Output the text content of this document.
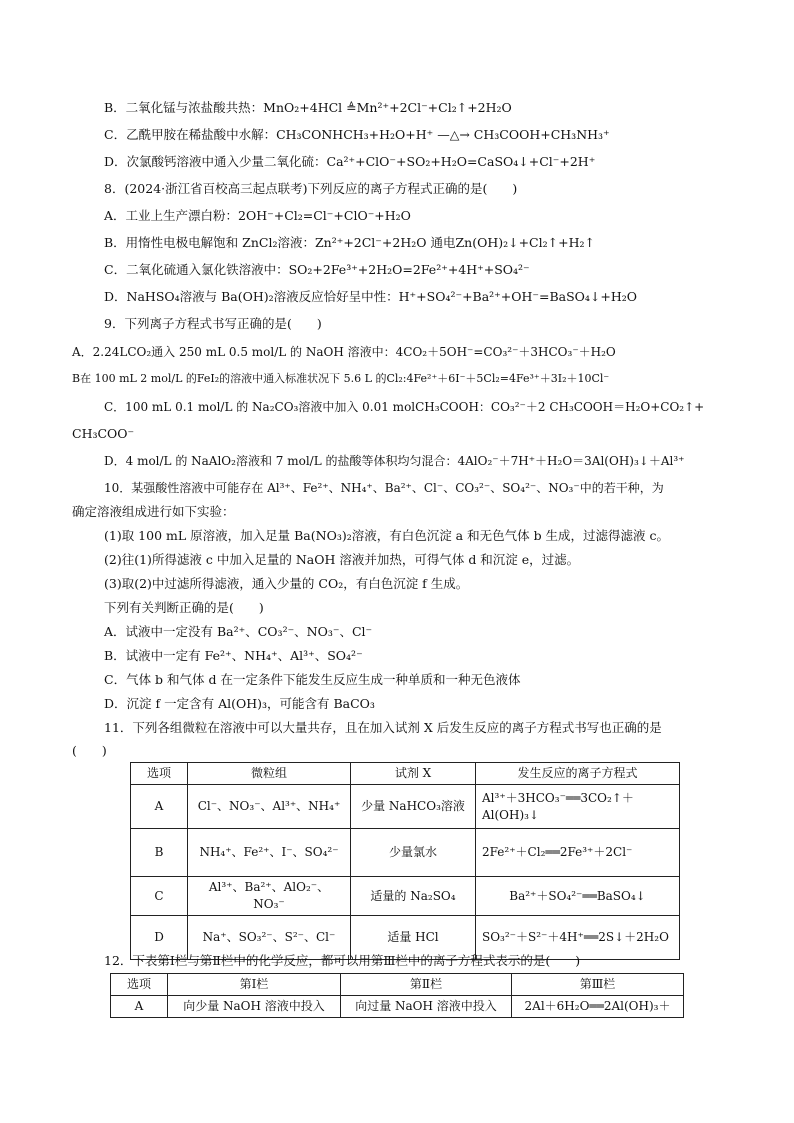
B．二氧化锰与浓盐酸共热：MnO₂+4HCl ≜Mn²⁺+2Cl⁻+Cl₂↑+2H₂O
C．乙酰甲胺在稀盐酸中水解：CH₃CONHCH₃+H₂O+H⁺ —△→ CH₃COOH+CH₃NH₃⁺
D．次氯酸钙溶液中通入少量二氧化硫：Ca²⁺+ClO⁻+SO₂+H₂O=CaSO₄↓+Cl⁻+2H⁺
8．(2024·浙江省百校高三起点联考)下列反应的离子方程式正确的是(　　)
A．工业上生产漂白粉：2OH⁻+Cl₂=Cl⁻+ClO⁻+H₂O
B．用惰性电极电解饱和 ZnCl₂溶液：Zn²⁺+2Cl⁻+2H₂O 通电Zn(OH)₂↓+Cl₂↑+H₂↑
C．二氧化硫通入氯化铁溶液中：SO₂+2Fe³⁺+2H₂O=2Fe²⁺+4H⁺+SO₄²⁻
D．NaHSO₄溶液与 Ba(OH)₂溶液反应恰好呈中性：H⁺+SO₄²⁻+Ba²⁺+OH⁻=BaSO₄↓+H₂O
9．下列离子方程式书写正确的是(　　)
A．2.24LCO₂通入 250 mL 0.5 mol/L 的 NaOH 溶液中：4CO₂＋5OH⁻=CO₃²⁻＋3HCO₃⁻＋H₂O
B在 100 mL 2 mol/L 的FeI₂的溶液中通入标准状况下 5.6 L 的Cl₂:4Fe²⁺＋6I⁻＋5Cl₂=4Fe³⁺＋3I₂＋10Cl⁻
C．100 mL 0.1 mol/L 的 Na₂CO₃溶液中加入 0.01 molCH₃COOH：CO₃²⁻＋2 CH₃COOH＝H₂O+CO₂↑+
CH₃COO⁻
D．4 mol/L 的 NaAlO₂溶液和 7 mol/L 的盐酸等体积均匀混合：4AlO₂⁻＋7H⁺＋H₂O＝3Al(OH)₃↓＋Al³⁺
10．某强酸性溶液中可能存在 Al³⁺、Fe²⁺、NH₄⁺、Ba²⁺、Cl⁻、CO₃²⁻、SO₄²⁻、NO₃⁻中的若干种，为
确定溶液组成进行如下实验：
(1)取 100 mL 原溶液，加入足量 Ba(NO₃)₂溶液，有白色沉淀 a 和无色气体 b 生成，过滤得滤液 c。
(2)往(1)所得滤液 c 中加入足量的 NaOH 溶液并加热，可得气体 d 和沉淀 e，过滤。
(3)取(2)中过滤所得滤液，通入少量的 CO₂，有白色沉淀 f 生成。
下列有关判断正确的是(　　)
A．试液中一定没有 Ba²⁺、CO₃²⁻、NO₃⁻、Cl⁻
B．试液中一定有 Fe²⁺、NH₄⁺、Al³⁺、SO₄²⁻
C．气体 b 和气体 d 在一定条件下能发生反应生成一种单质和一种无色液体
D．沉淀 f 一定含有 Al(OH)₃，可能含有 BaCO₃
11．下列各组微粒在溶液中可以大量共存，且在加入试剂 X 后发生反应的离子方程式书写也正确的是
(　　)
选项	微粒组	试剂 X	发生反应的离子方程式
A	Cl⁻、NO₃⁻、Al³⁺、NH₄⁺	少量 NaHCO₃溶液	Al³⁺＋3HCO₃⁻══3CO₂↑＋Al(OH)₃↓
B	NH₄⁺、Fe²⁺、I⁻、SO₄²⁻	少量氯水	2Fe²⁺＋Cl₂══2Fe³⁺＋2Cl⁻
C	Al³⁺、Ba²⁺、AlO₂⁻、NO₃⁻	适量的 Na₂SO₄	Ba²⁺＋SO₄²⁻══BaSO₄↓
D	Na⁺、SO₃²⁻、S²⁻、Cl⁻	适量 HCl	SO₃²⁻＋S²⁻＋4H⁺══2S↓＋2H₂O
12．下表第Ⅰ栏与第Ⅱ栏中的化学反应，都可以用第Ⅲ栏中的离子方程式表示的是(　　)
选项	第Ⅰ栏	第Ⅱ栏	第Ⅲ栏
A	向少量 NaOH 溶液中投入	向过量 NaOH 溶液中投入	2Al＋6H₂O══2Al(OH)₃＋
